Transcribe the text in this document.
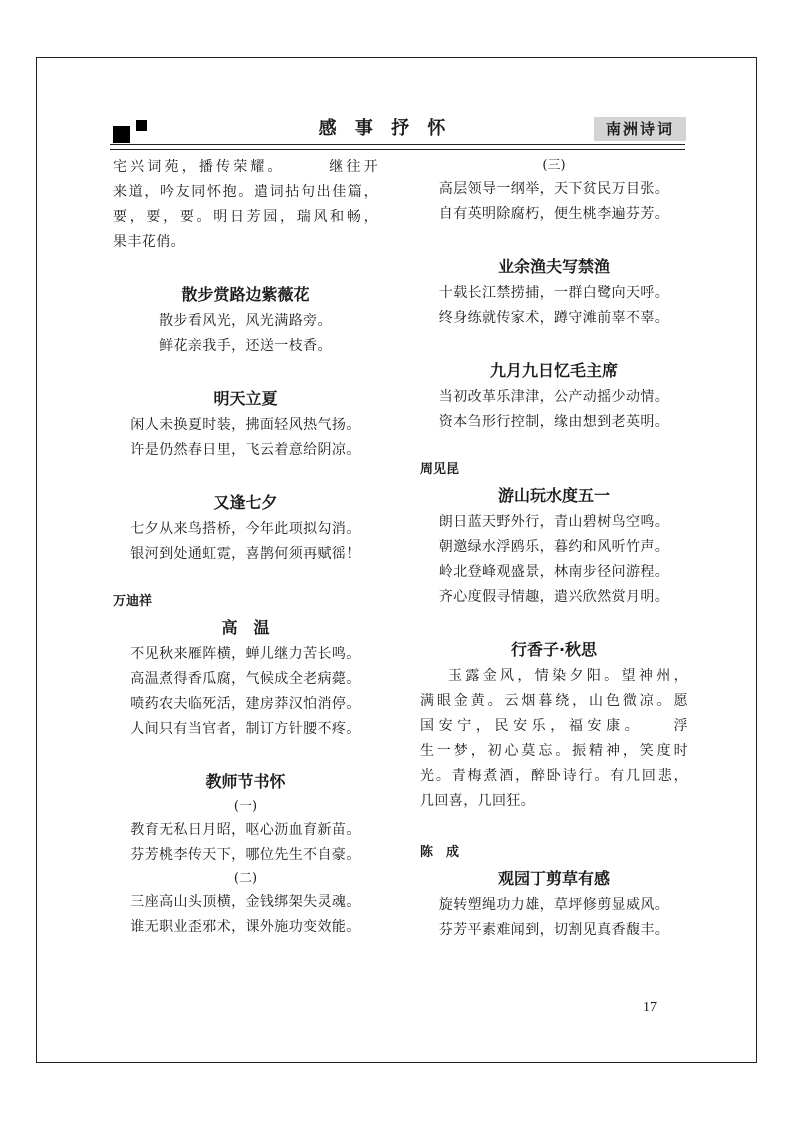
感 事 抒 怀	南洲诗词
宅兴词苑，播传荣耀。　　　继往开
来道，吟友同怀抱。遣词拈句出佳篇，
要，要，要。明日芳园，瑞风和畅，
果丰花俏。
散步赏路边紫薇花
散步看风光，风光满路旁。
鲜花亲我手，还送一枝香。
明天立夏
闲人未换夏时装，拂面轻风热气扬。
许是仍然春日里，飞云着意给阴凉。
又逢七夕
七夕从来鸟搭桥，今年此项拟勾消。
银河到处通虹霓，喜鹊何须再赋徭！
万迪祥
高　温
不见秋来雁阵横，蝉儿继力苦长鸣。
高温煮得香瓜腐，气候成全老病薨。
喷药农夫临死活，建房莽汉怕消停。
人间只有当官者，制订方针腰不疼。
教师节书怀
(一)
教育无私日月昭，呕心沥血育新苗。
芬芳桃李传天下，哪位先生不自豪。
(二)
三座高山头顶横，金钱绑架失灵魂。
谁无职业歪邪术，课外施功变效能。
(三)
高层领导一纲举，天下贫民万目张。
自有英明除腐朽，便生桃李遍芬芳。
业余渔夫写禁渔
十载长江禁捞捕，一群白鹭向天呼。
终身练就传家术，蹲守滩前辜不辜。
九月九日忆毛主席
当初改革乐津津，公产动摇少动情。
资本刍形行控制，缘由想到老英明。
周见昆
游山玩水度五一
朗日蓝天野外行，青山碧树鸟空鸣。
朝邀绿水浮鸥乐，暮约和风听竹声。
岭北登峰观盛景，林南步径问游程。
齐心度假寻情趣，遣兴欣然赏月明。
行香子·秋思
玉露金风，情染夕阳。望神州，
满眼金黄。云烟暮绕，山色微凉。愿
国安宁，民安乐，福安康。　　浮
生一梦，初心莫忘。振精神，笑度时
光。青梅煮酒，醉卧诗行。有几回悲，
几回喜，几回狂。
陈　成
观园丁剪草有感
旋转塑绳功力雄，草坪修剪显威风。
芬芳平素难闻到，切割见真香馥丰。
17
